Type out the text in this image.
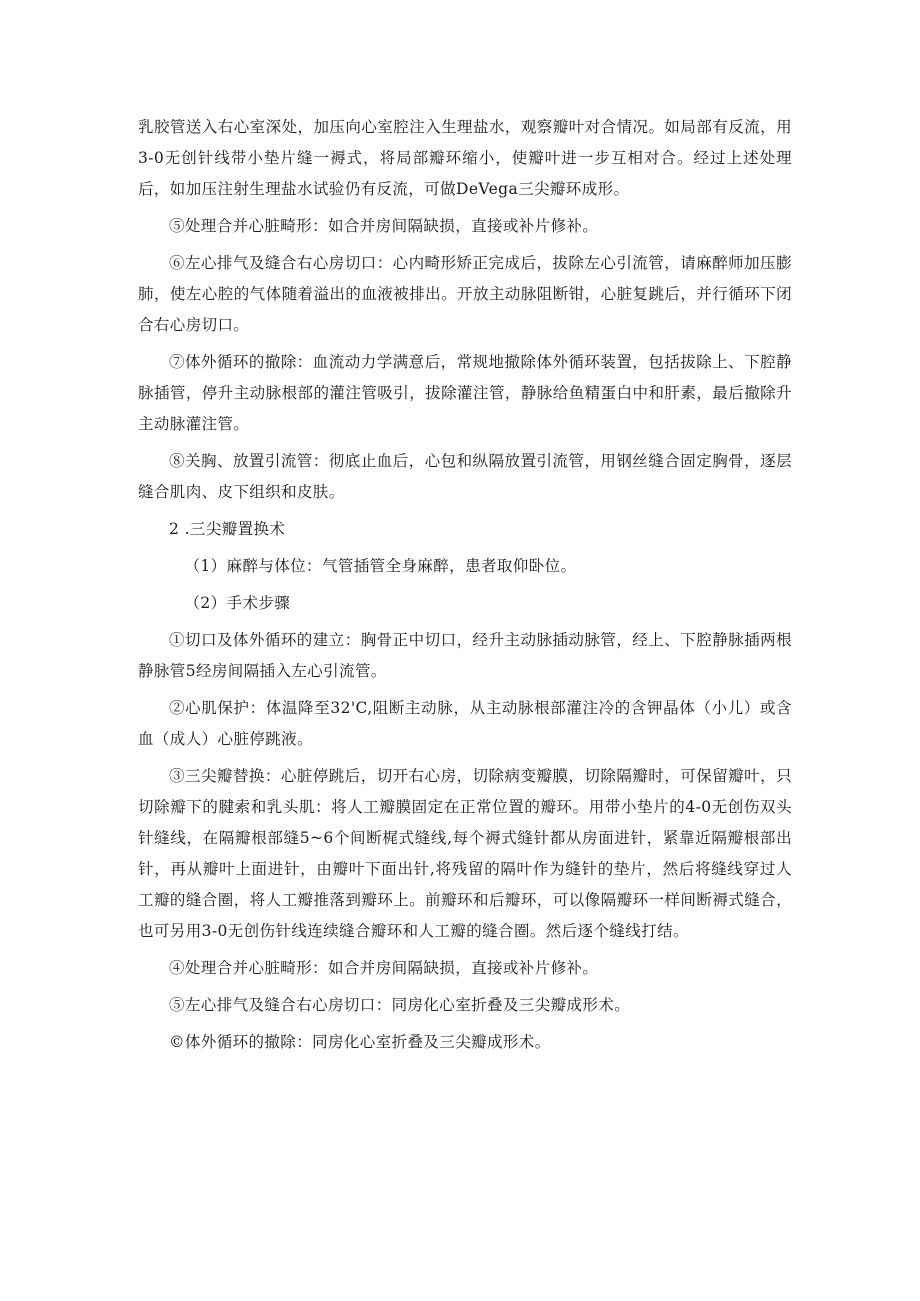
乳胶管送入右心室深处，加压向心室腔注入生理盐水，观察瓣叶对合情况。如局部有反流，用3-0无创针线带小垫片缝一褥式，将局部瓣环缩小，使瓣叶进一步互相对合。经过上述处理后，如加压注射生理盐水试验仍有反流，可做DeVega三尖瓣环成形。

⑤处理合并心脏畸形：如合并房间隔缺损，直接或补片修补。

⑥左心排气及缝合右心房切口：心内畸形矫正完成后，拔除左心引流管，请麻醉师加压膨肺，使左心腔的气体随着溢出的血液被排出。开放主动脉阻断钳，心脏复跳后，并行循环下闭合右心房切口。

⑦体外循环的撤除：血流动力学满意后，常规地撤除体外循环装置，包括拔除上、下腔静脉插管，停升主动脉根部的灌注管吸引，拔除灌注管，静脉给鱼精蛋白中和肝素，最后撤除升主动脉灌注管。

⑧关胸、放置引流管：彻底止血后，心包和纵隔放置引流管，用钢丝缝合固定胸骨，逐层缝合肌肉、皮下组织和皮肤。

2 .三尖瓣置换术

（1）麻醉与体位：气管插管全身麻醉，患者取仰卧位。

（2）手术步骤

①切口及体外循环的建立：胸骨正中切口，经升主动脉插动脉管，经上、下腔静脉插两根静脉管5经房间隔插入左心引流管。

②心肌保护：体温降至32'C,阻断主动脉，从主动脉根部灌注冷的含钾晶体（小儿）或含血（成人）心脏停跳液。

③三尖瓣替换：心脏停跳后，切开右心房，切除病变瓣膜，切除隔瓣时，可保留瓣叶，只切除瓣下的腱索和乳头肌：将人工瓣膜固定在正常位置的瓣环。用带小垫片的4-0无创伤双头针缝线，在隔瓣根部缝5~6个间断梶式缝线,每个褥式缝针都从房面进针，紧靠近隔瓣根部出针，再从瓣叶上面进针，由瓣叶下面出针,将残留的隔叶作为缝针的垫片，然后将缝线穿过人工瓣的缝合圈，将人工瓣推落到瓣环上。前瓣环和后瓣环，可以像隔瓣环一样间断褥式缝合，也可另用3-0无创伤针线连续缝合瓣环和人工瓣的缝合圈。然后逐个缝线打结。

④处理合并心脏畸形：如合并房间隔缺损，直接或补片修补。

⑤左心排气及缝合右心房切口：同房化心室折叠及三尖瓣成形术。

©体外循环的撤除：同房化心室折叠及三尖瓣成形术。
